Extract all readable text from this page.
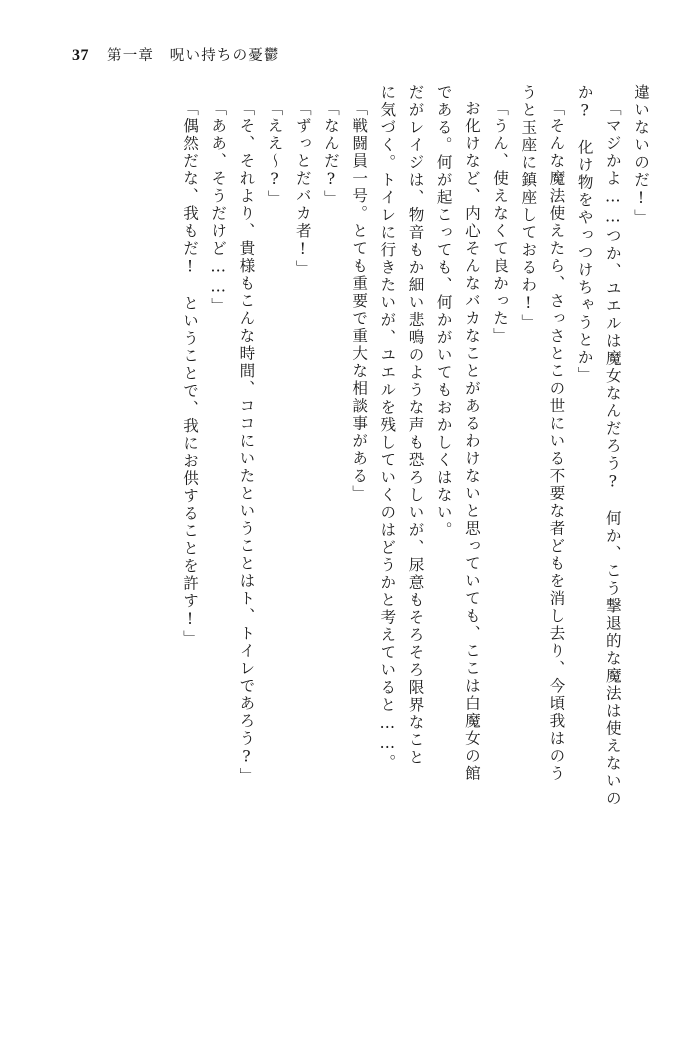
37 第一章　呪い持ちの憂鬱
違いないのだ!」
「マジかよ……つか、ユエルは魔女なんだろう?　何か、こう撃退的な魔法は使えないの
か?　化け物をやっつけちゃうとか」
「そんな魔法使えたら、さっさとこの世にいる不要な者どもを消し去り、今頃我はのう
うと玉座に鎮座しておるわ!」
「うん、使えなくて良かった」
お化けなど、内心そんなバカなことがあるわけないと思っていても、ここは白魔女の館
である。何が起こっても、何かがいてもおかしくはない。
だがレイジは、物音もか細い悲鳴のような声も恐ろしいが、尿意もそろそろ限界なこと
に気づく。トイレに行きたいが、ユエルを残していくのはどうかと考えていると……。
「戦闘員一号。とても重要で重大な相談事がある」
「なんだ?」
「ずっとだバカ者!」
「ええ～?」
「そ、それより、貴様もこんな時間、ココにいたということはト、トイレであろう?」
「ああ、そうだけど……」
「偶然だな、我もだ!　ということで、我にお供することを許す!」
